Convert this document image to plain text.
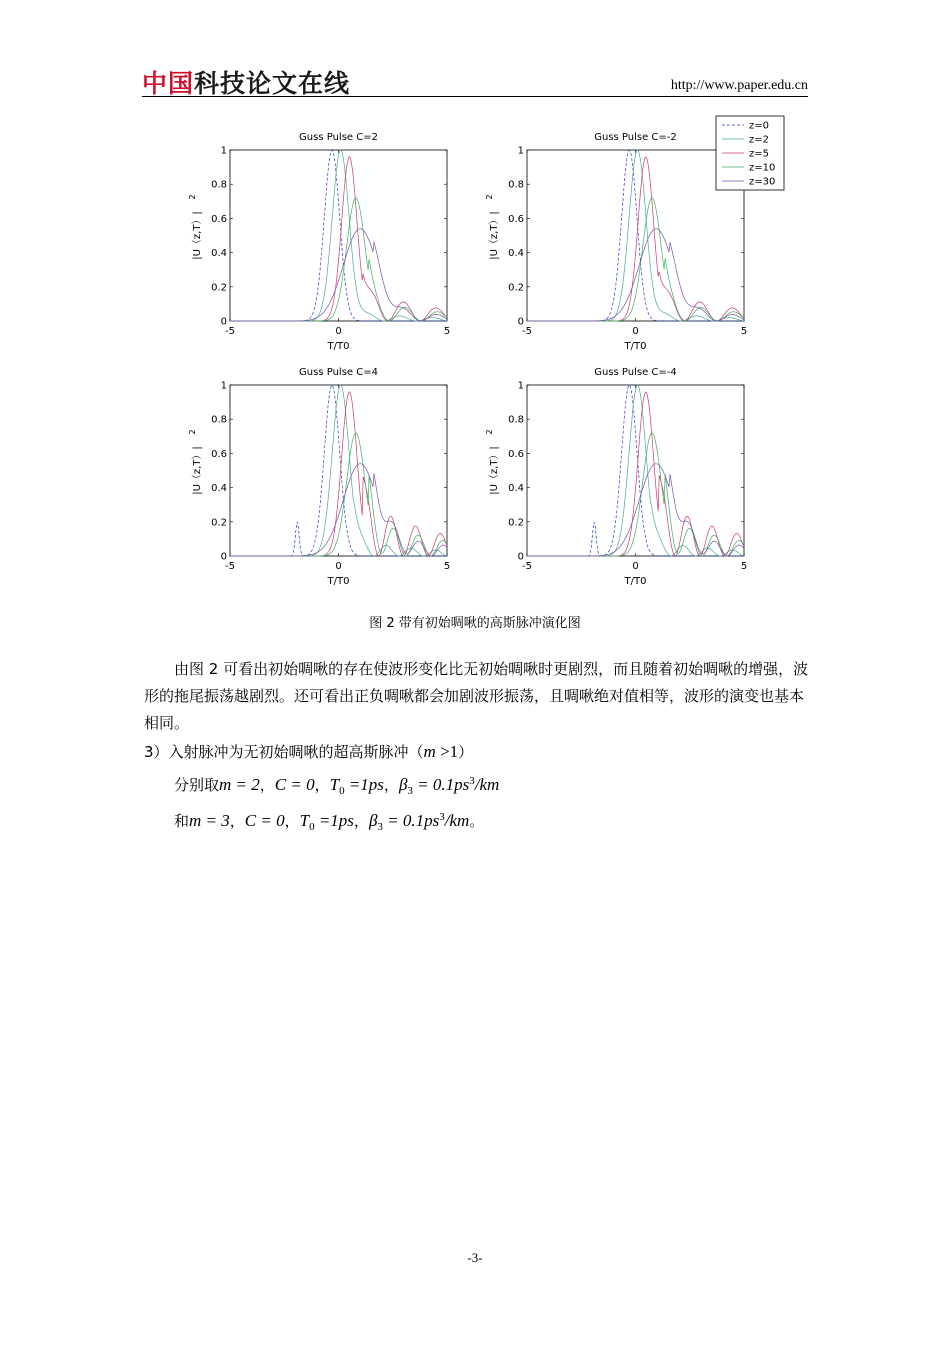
中国科技论文在线	http://www.paper.edu.cn
Guss Pulse C=2
0
0.2
0.4
0.6
0.8
1
-5	0	5
T/T0
|U（z,T）|
2
Guss Pulse C=-2
0
0.2
0.4
0.6
0.8
1
-5	0	5
T/T0
|U（z,T）|
2
Guss Pulse C=4
0
0.2
0.4
0.6
0.8
1
-5	0	5
T/T0
|U（z,T）|
2
Guss Pulse C=-4
0
0.2
0.4
0.6
0.8
1
-5	0	5
T/T0
|U（z,T）|
2
z=0
z=2
z=5
z=10
z=30
图 2 带有初始啁啾的高斯脉冲演化图
由图 2 可看出初始啁啾的存在使波形变化比无初始啁啾时更剧烈，而且随着初始啁啾的增强，波形的拖尾振荡越剧烈。还可看出正负啁啾都会加剧波形振荡，且啁啾绝对值相等，波形的演变也基本相同。
3）入射脉冲为无初始啁啾的超高斯脉冲（m >1）
分别取m = 2，C = 0，$T_0 =1ps$，$\beta_3 = 0.1ps^3/km$
和m = 3，C = 0，$T_0 =1ps$，$\beta_3 = 0.1ps^3/km$。
-3-
